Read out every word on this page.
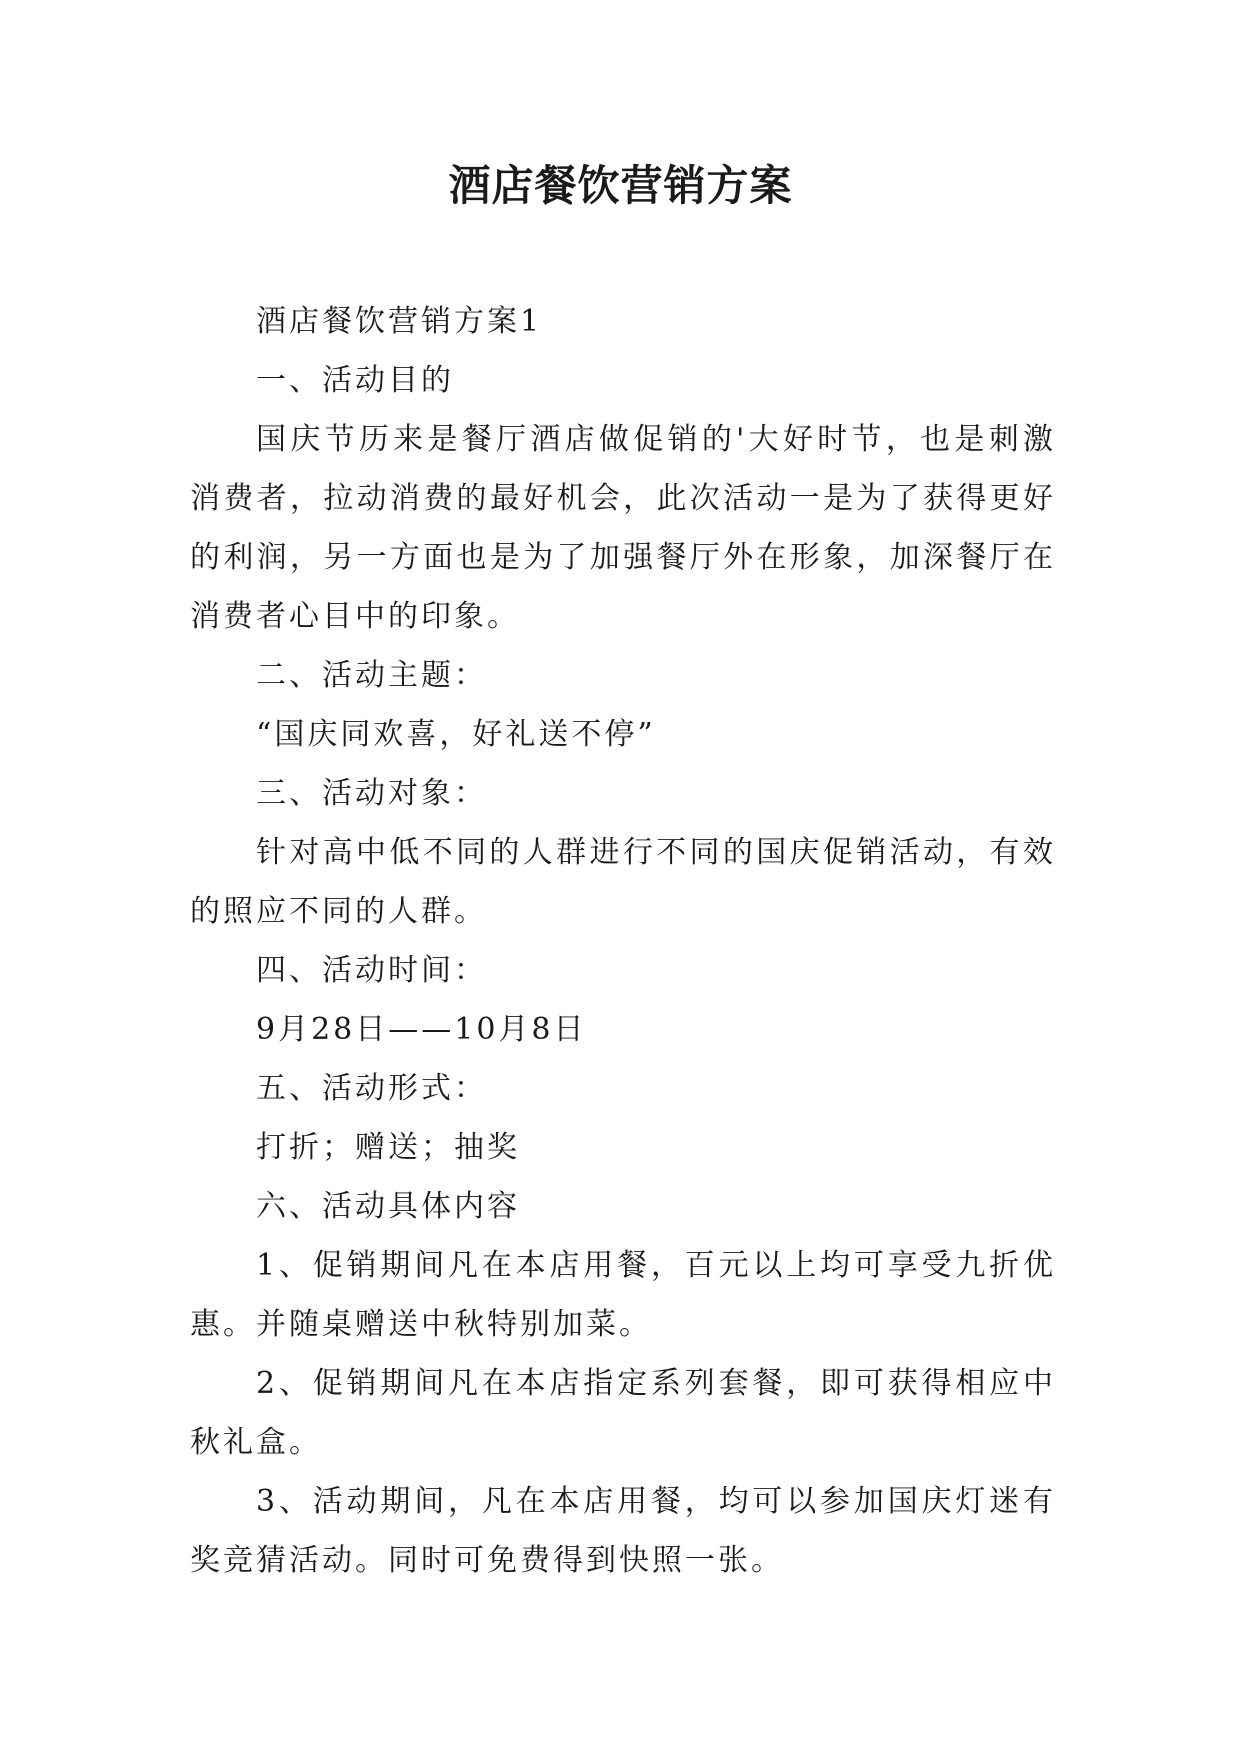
酒店餐饮营销方案

酒店餐饮营销方案1

一、活动目的

国庆节历来是餐厅酒店做促销的'大好时节，也是刺激消费者，拉动消费的最好机会，此次活动一是为了获得更好的利润，另一方面也是为了加强餐厅外在形象，加深餐厅在消费者心目中的印象。

二、活动主题：

“国庆同欢喜，好礼送不停”

三、活动对象：

针对高中低不同的人群进行不同的国庆促销活动，有效的照应不同的人群。

四、活动时间：

9月28日——10月8日

五、活动形式：

打折；赠送；抽奖

六、活动具体内容

1、促销期间凡在本店用餐，百元以上均可享受九折优惠。并随桌赠送中秋特别加菜。

2、促销期间凡在本店指定系列套餐，即可获得相应中秋礼盒。

3、活动期间，凡在本店用餐，均可以参加国庆灯迷有奖竞猜活动。同时可免费得到快照一张。
